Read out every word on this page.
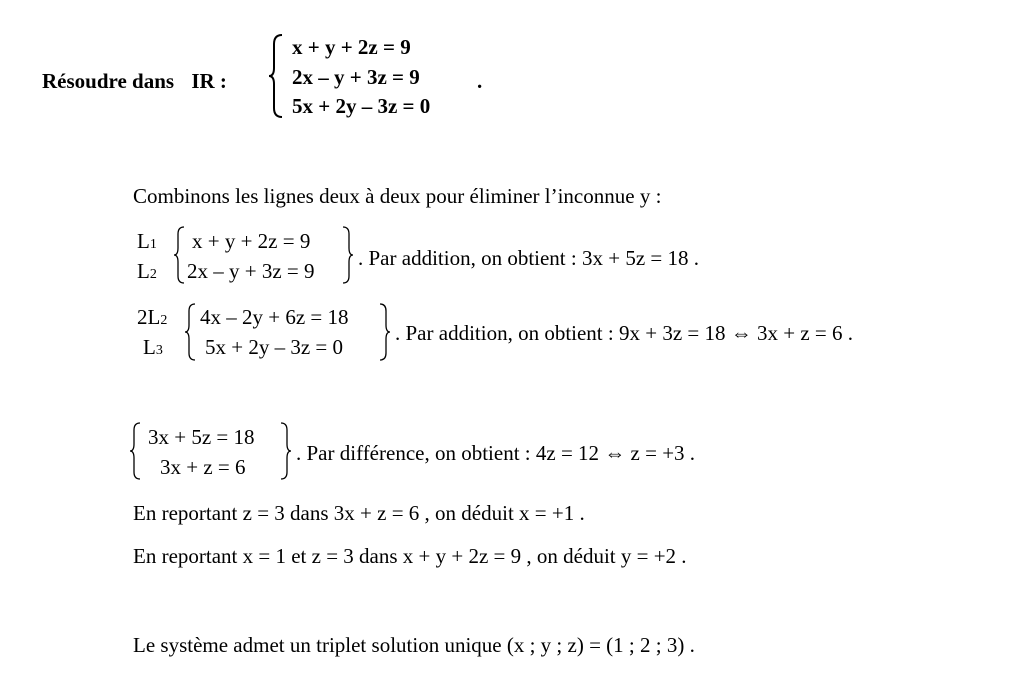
Résoudre dans IR :
x + y + 2z = 9
2x – y + 3z = 9
5x + 2y – 3z = 0
.
Combinons les lignes deux à deux pour éliminer l’inconnue y :
L1
L2
x + y + 2z = 9
2x – y + 3z = 9
. Par addition, on obtient : 3x + 5z = 18 .
2L2
L3
4x – 2y + 6z = 18
5x + 2y – 3z = 0
. Par addition, on obtient : 9x + 3z = 18 ⇔ 3x + z = 6 .
3x + 5z = 18
3x + z = 6
. Par différence, on obtient : 4z = 12 ⇔ z = +3 .
En reportant z = 3 dans 3x + z = 6 , on déduit x = +1 .
En reportant x = 1 et z = 3 dans x + y + 2z = 9 , on déduit y = +2 .
Le système admet un triplet solution unique (x ; y ; z) = (1 ; 2 ; 3) .
